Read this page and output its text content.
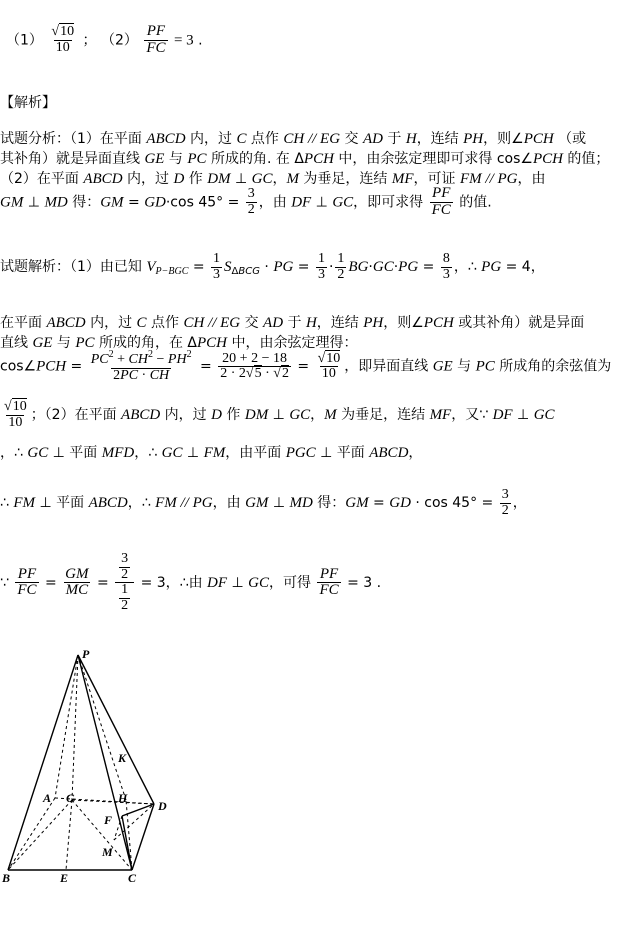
$(1) \frac{√10}{10}$ ； $(2) \frac{PF}{FC} = 3$ .
【解析】
试题分析：（1）在平面 ABCD 内，过 C 点作 CH // EG 交 AD 于 H，连结 PH，则∠PCH （或
其补角）就是异面直线 GE 与 PC 所成的角. 在 ΔPCH 中，由余弦定理即可求得 cos∠PCH 的值；
（2）在平面 ABCD 内，过 D 作 DM ⊥ GC，M 为垂足，连结 MF，可证 FM // PG，由
GM ⊥ MD 得：GM = GD·cos $45^\circ = \frac{3}{2}$ ，由 DF ⊥ GC，即可求得 $\frac{PF}{FC}$ 的值.
试题解析：（1）由已知 $V_{P-BGC} = \frac{1}{3} S_{\Delta BCG}$ · PG = $\frac{1}{3} \cdot \frac{1}{2} BG\cdot GC\cdot PG = \frac{8}{3}$ ，∴ PG = 4，
在平面 ABCD 内，过 C 点作 CH // EG 交 AD 于 H，连结 PH，则∠PCH 或其补角）就是异面
直线 GE 与 PC 所成的角，在 ΔPCH 中，由余弦定理得：
cos∠PCH = $\frac{PC^2 + CH^2 - PH^2}{2PC \cdot CH} = \frac{20 + 2 - 18}{2 \cdot 2√5 \cdot √2} = \frac{√10}{10}$ ，即异面直线 GE 与 PC 所成角的余弦值为
$\frac{√10}{10}$ ；（2）在平面 ABCD 内，过 D 作 DM ⊥ GC，M 为垂足，连结 MF，又∵ DF ⊥ GC
，∴ GC ⊥ 平面 MFD，∴ GC ⊥ FM，由平面 PGC ⊥ 平面 ABCD，
∴ FM ⊥ 平面 ABCD，∴ FM // PG，由 GM ⊥ MD 得：GM = GD · $\cos 45^\circ = \frac{3}{2}$ ，
∵ $\frac{PF}{FC} = \frac{GM}{MC} = \frac{\frac{3}{2}}{\frac{1}{2}} = 3$，∴由 DF ⊥ GC，可得 $\frac{PF}{FC} = 3$ .
P
K
A G	H
D
F
M
B	E	C
